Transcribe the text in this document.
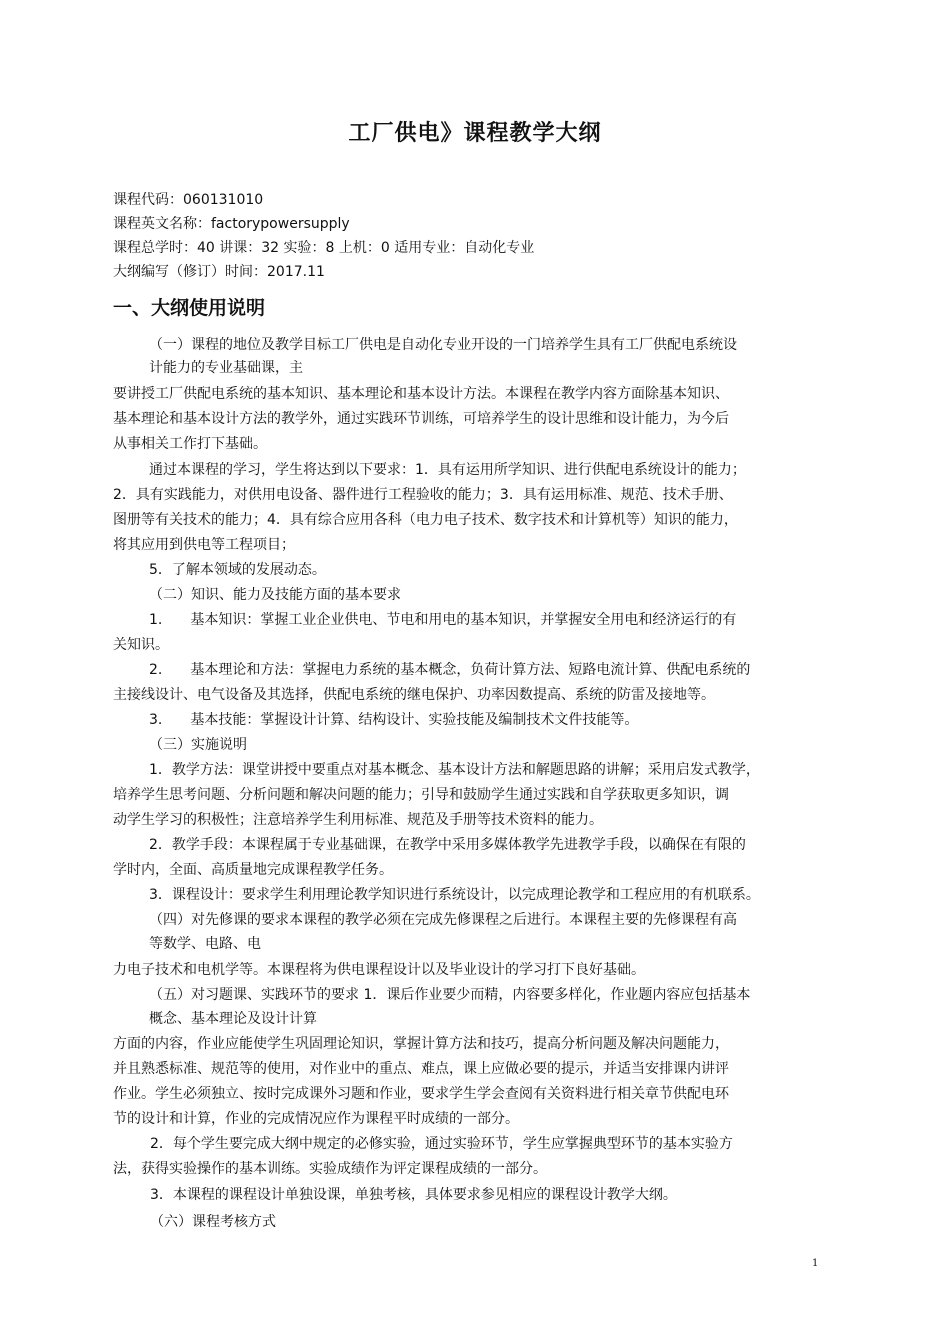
工厂供电》课程教学大纲
课程代码：060131010
课程英文名称：factorypowersupply
课程总学时：40 讲课：32 实验：8 上机：0 适用专业：自动化专业
大纲编写（修订）时间：2017.11
一、大纲使用说明
（一）课程的地位及教学目标工厂供电是自动化专业开设的一门培养学生具有工厂供配电系统设
计能力的专业基础课，主
要讲授工厂供配电系统的基本知识、基本理论和基本设计方法。本课程在教学内容方面除基本知识、
基本理论和基本设计方法的教学外，通过实践环节训练，可培养学生的设计思维和设计能力，为今后
从事相关工作打下基础。
通过本课程的学习，学生将达到以下要求：1．具有运用所学知识、进行供配电系统设计的能力；
2．具有实践能力，对供用电设备、器件进行工程验收的能力；3．具有运用标准、规范、技术手册、
图册等有关技术的能力；4．具有综合应用各科（电力电子技术、数字技术和计算机等）知识的能力，
将其应用到供电等工程项目；
5．了解本领域的发展动态。
（二）知识、能力及技能方面的基本要求
1.　　基本知识：掌握工业企业供电、节电和用电的基本知识，并掌握安全用电和经济运行的有
关知识。
2.　　基本理论和方法：掌握电力系统的基本概念，负荷计算方法、短路电流计算、供配电系统的
主接线设计、电气设备及其选择，供配电系统的继电保护、功率因数提高、系统的防雷及接地等。
3.　　基本技能：掌握设计计算、结构设计、实验技能及编制技术文件技能等。
（三）实施说明
1．教学方法：课堂讲授中要重点对基本概念、基本设计方法和解题思路的讲解；采用启发式教学，
培养学生思考问题、分析问题和解决问题的能力；引导和鼓励学生通过实践和自学获取更多知识，调
动学生学习的积极性；注意培养学生利用标准、规范及手册等技术资料的能力。
2．教学手段：本课程属于专业基础课，在教学中采用多媒体教学先进教学手段，以确保在有限的
学时内，全面、高质量地完成课程教学任务。
3．课程设计：要求学生利用理论教学知识进行系统设计，以完成理论教学和工程应用的有机联系。
（四）对先修课的要求本课程的教学必须在完成先修课程之后进行。本课程主要的先修课程有高
等数学、电路、电
力电子技术和电机学等。本课程将为供电课程设计以及毕业设计的学习打下良好基础。
（五）对习题课、实践环节的要求 1．课后作业要少而精，内容要多样化，作业题内容应包括基本
概念、基本理论及设计计算
方面的内容，作业应能使学生巩固理论知识，掌握计算方法和技巧，提高分析问题及解决问题能力，
并且熟悉标准、规范等的使用，对作业中的重点、难点，课上应做必要的提示，并适当安排课内讲评
作业。学生必须独立、按时完成课外习题和作业，要求学生学会查阅有关资料进行相关章节供配电环
节的设计和计算，作业的完成情况应作为课程平时成绩的一部分。
2．每个学生要完成大纲中规定的必修实验，通过实验环节，学生应掌握典型环节的基本实验方
法，获得实验操作的基本训练。实验成绩作为评定课程成绩的一部分。
3．本课程的课程设计单独设课，单独考核，具体要求参见相应的课程设计教学大纲。
（六）课程考核方式
1
